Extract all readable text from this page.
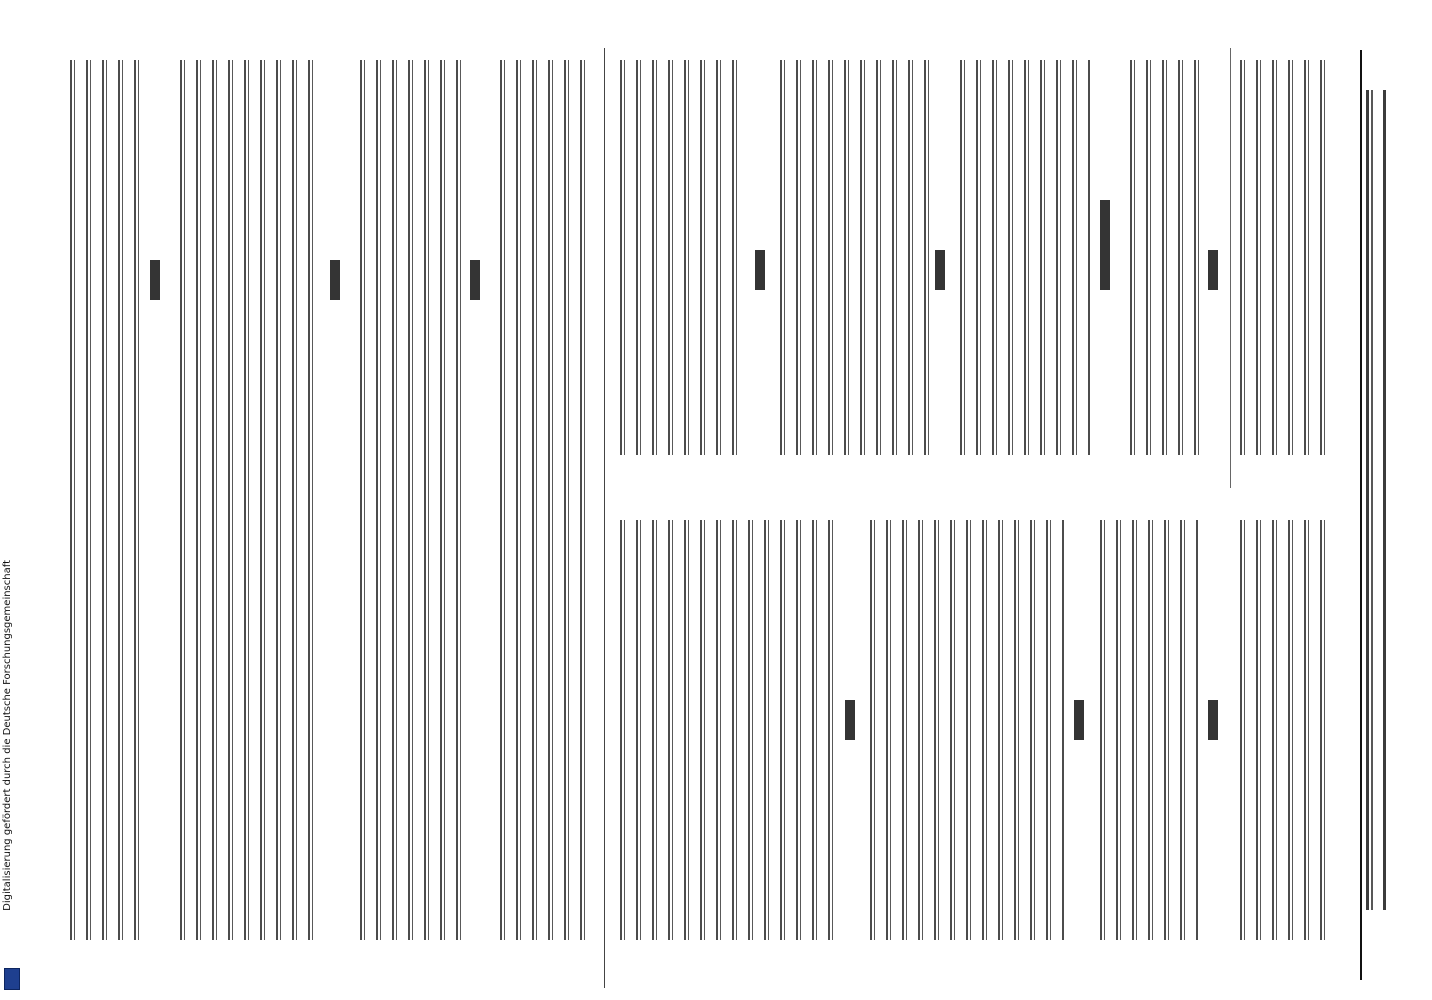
Digitalisierung gefördert durch die Deutsche Forschungsgemeinschaft
